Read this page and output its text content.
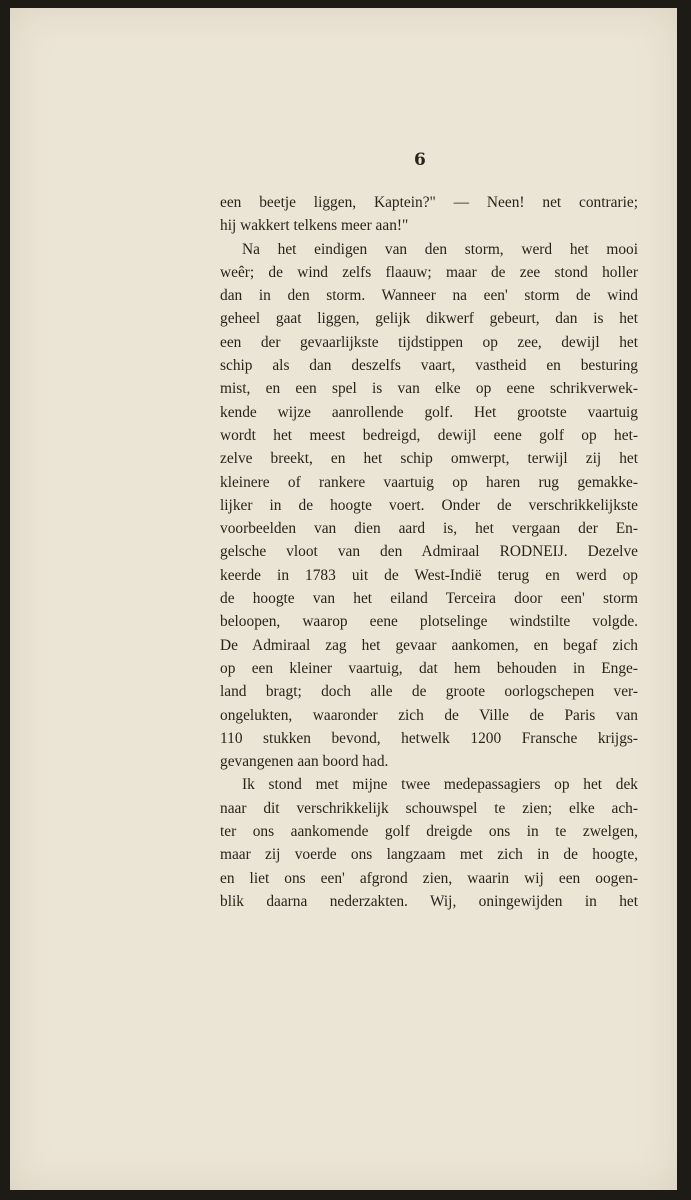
6

een beetje liggen, Kaptein?" — Neen! net contrarie;
hij wakkert telkens meer aan!"
Na het eindigen van den storm, werd het mooi
weêr; de wind zelfs flaauw; maar de zee stond holler
dan in den storm. Wanneer na een' storm de wind
geheel gaat liggen, gelijk dikwerf gebeurt, dan is het
een der gevaarlijkste tijdstippen op zee, dewijl het
schip als dan deszelfs vaart, vastheid en besturing
mist, en een spel is van elke op eene schrikverwek-
kende wijze aanrollende golf. Het grootste vaartuig
wordt het meest bedreigd, dewijl eene golf op het-
zelve breekt, en het schip omwerpt, terwijl zij het
kleinere of rankere vaartuig op haren rug gemakke-
lijker in de hoogte voert. Onder de verschrikkelijkste
voorbeelden van dien aard is, het vergaan der En-
gelsche vloot van den Admiraal RODNEIJ. Dezelve
keerde in 1783 uit de West-Indië terug en werd op
de hoogte van het eiland Terceira door een' storm
beloopen, waarop eene plotselinge windstilte volgde.
De Admiraal zag het gevaar aankomen, en begaf zich
op een kleiner vaartuig, dat hem behouden in Enge-
land bragt; doch alle de groote oorlogschepen ver-
ongelukten, waaronder zich de Ville de Paris van
110 stukken bevond, hetwelk 1200 Fransche krijgs-
gevangenen aan boord had.
Ik stond met mijne twee medepassagiers op het dek
naar dit verschrikkelijk schouwspel te zien; elke ach-
ter ons aankomende golf dreigde ons in te zwelgen,
maar zij voerde ons langzaam met zich in de hoogte,
en liet ons een' afgrond zien, waarin wij een oogen-
blik daarna nederzakten. Wij, oningewijden in het
